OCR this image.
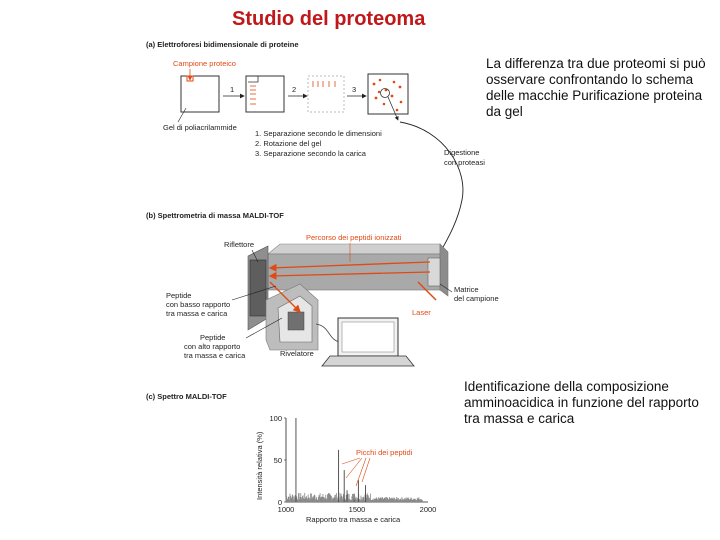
Studio del proteoma
(a) Elettroforesi bidimensionale di proteine
Campione proteico
Gel di poliacrilammide
1	2	3
1. Separazione secondo le dimensioni
2. Rotazione del gel
3. Separazione secondo la carica	Digestione
con proteasi
(b) Spettrometria di massa MALDI-TOF
Percorso dei peptidi ionizzati
Riflettore
Peptide
con basso rapporto
tra massa e carica
Matrice
del campione
Laser
Peptide
con alto rapporto
tra massa e carica	Rivelatore
(c) Spettro MALDI-TOF
Intensità relativa (%)
Rapporto tra massa e carica
100
50
0
1000	1500	2000
Picchi dei peptidi
La differenza tra due proteomi si può osservare confrontando lo schema delle macchie Purificazione proteina da gel
Identificazione della composizione amminoacidica in funzione del rapporto tra massa e carica
